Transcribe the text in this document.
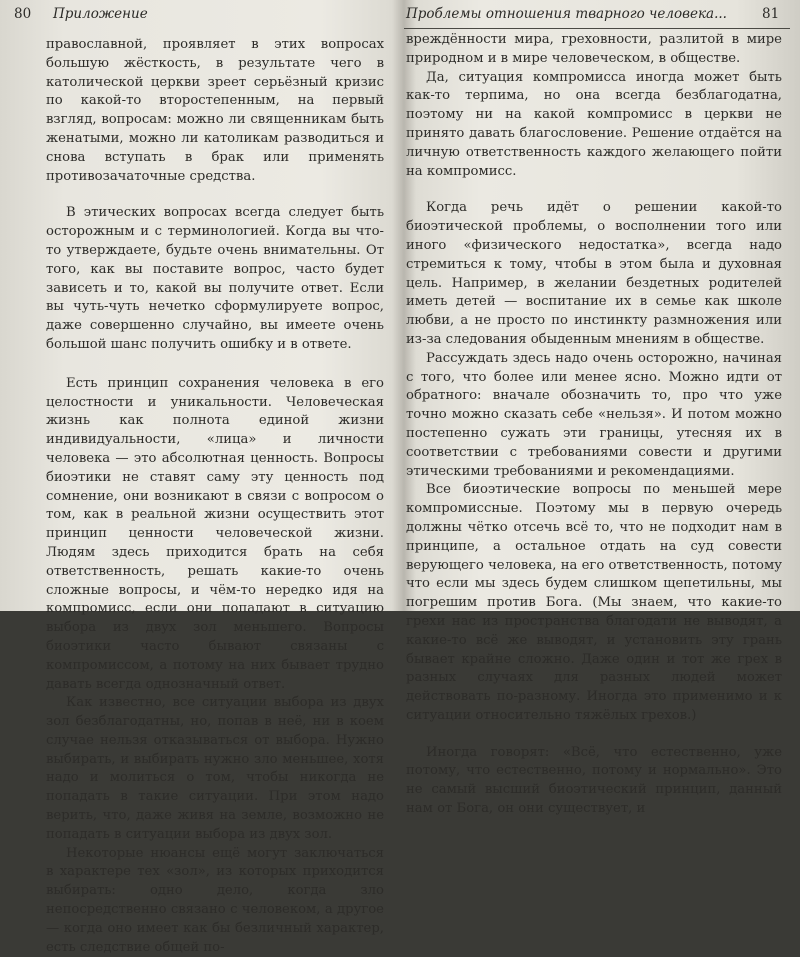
80 Приложение

православной, проявляет в этих вопросах большую жёсткость, в результате чего в католической церкви зреет серьёзный кризис по какой-то второстепенным, на первый взгляд, вопросам: можно ли священникам быть женатыми, можно ли католикам разводиться и снова вступать в брак или применять противозачаточные средства.

В этических вопросах всегда следует быть осторожным и с терминологией. Когда вы что-то утверждаете, будьте очень внимательны. От того, как вы поставите вопрос, часто будет зависеть и то, какой вы получите ответ. Если вы чуть-чуть нечетко сформулируете вопрос, даже совершенно случайно, вы имеете очень большой шанс получить ошибку и в ответе.

Есть принцип сохранения человека в его целостности и уникальности. Человеческая жизнь как полнота единой жизни индивидуальности, «лица» и личности человека — это абсолютная ценность. Вопросы биоэтики не ставят саму эту ценность под сомнение, они возникают в связи с вопросом о том, как в реальной жизни осуществить этот принцип ценности человеческой жизни. Людям здесь приходится брать на себя ответственность, решать какие-то очень сложные вопросы, и чём-то нередко идя на компромисс, если они попадают в ситуацию выбора из двух зол меньшего. Вопросы биоэтики часто бывают связаны с компромиссом, а потому на них бывает трудно давать всегда однозначный ответ.

Как известно, все ситуации выбора из двух зол безблагодатны, но, попав в неё, ни в коем случае нельзя отказываться от выбора. Нужно выбирать, и выбирать нужно зло меньшее, хотя надо и молиться о том, чтобы никогда не попадать в такие ситуации. При этом надо верить, что, даже живя на земле, возможно не попадать в ситуации выбора из двух зол.

Некоторые нюансы ещё могут заключаться в характере тех «зол», из которых приходится выбирать: одно дело, когда зло непосредственно связано с человеком, а другое — когда оно имеет как бы безличный характер, есть следствие общей по-

Проблемы отношения тварного человека...	81

вреждённости мира, греховности, разлитой в мире природном и в мире человеческом, в обществе.

Да, ситуация компромисса иногда может быть как-то терпима, но она всегда безблагодатна, поэтому ни на какой компромисс в церкви не принято давать благословение. Решение отдаётся на личную ответственность каждого желающего пойти на компромисс.

Когда речь идёт о решении какой-то биоэтической проблемы, о восполнении того или иного «физического недостатка», всегда надо стремиться к тому, чтобы в этом была и духовная цель. Например, в желании бездетных родителей иметь детей — воспитание их в семье как школе любви, а не просто по инстинкту размножения или из-за следования обыденным мнениям в обществе.

Рассуждать здесь надо очень осторожно, начиная с того, что более или менее ясно. Можно идти от обратного: вначале обозначить то, про что уже точно можно сказать себе «нельзя». И потом можно постепенно сужать эти границы, утесняя их в соответствии с требованиями совести и другими этическими требованиями и рекомендациями.

Все биоэтические вопросы по меньшей мере компромиссные. Поэтому мы в первую очередь должны чётко отсечь всё то, что не подходит нам в принципе, а остальное отдать на суд совести верующего человека, на его ответственность, потому что если мы здесь будем слишком щепетильны, мы погрешим против Бога. (Мы знаем, что какие-то грехи нас из пространства благодати не выводят, а какие-то всё же выводят, и установить эту грань бывает крайне сложно. Даже один и тот же грех в разных случаях для разных людей может действовать по-разному. Иногда это применимо и к ситуации относительно тяжёлых грехов.)

Иногда говорят: «Всё, что естественно, уже потому, что естественно, потому и нормально». Это не самый высший биоэтический принцип, данный нам от Бога, он они существует, и
